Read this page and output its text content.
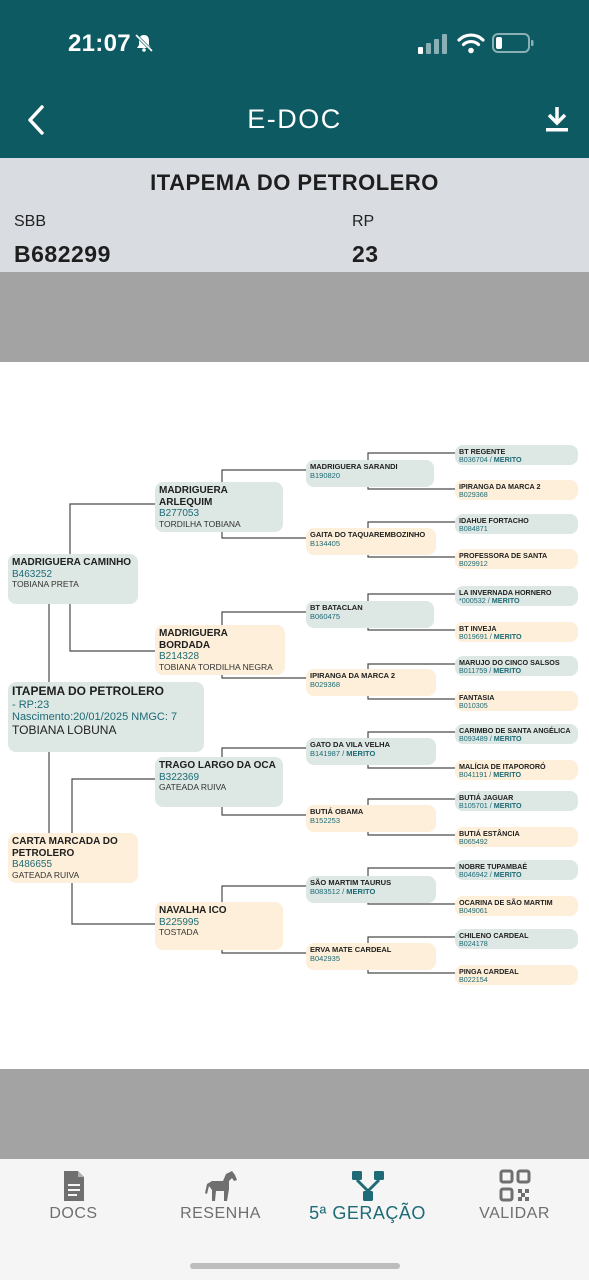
21:07
E-DOC
ITAPEMA DO PETROLERO
SBB	RP
B682299	23
ITAPEMA DO PETROLERO
- RP:23
Nascimento:20/01/2025 NMGC: 7
TOBIANA LOBUNA
MADRIGUERA CAMINHO
B463252
TOBIANA PRETA
CARTA MARCADA DO PETROLERO
B486655
GATEADA RUIVA
MADRIGUERA ARLEQUIM
B277053
TORDILHA TOBIANA
MADRIGUERA BORDADA
B214328
TOBIANA TORDILHA NEGRA
TRAGO LARGO DA OCA
B322369
GATEADA RUIVA
NAVALHA ICO
B225995
TOSTADA
MADRIGUERA SARANDI
B190820
GAITA DO TAQUAREMBOZINHO
B134405
BT BATACLAN
B060475
IPIRANGA DA MARCA 2
B029368
GATO DA VILA VELHA
B141987 / MERITO
BUTIÁ OBAMA
B152253
SÃO MARTIM TAURUS
B083512 / MERITO
ERVA MATE CARDEAL
B042935
BT REGENTE
B036704 / MERITO
IPIRANGA DA MARCA 2
B029368
IDAHUE FORTACHO
B084871
PROFESSORA DE SANTA
B029912
LA INVERNADA HORNERO
*000532 / MERITO
BT INVEJA
B019691 / MERITO
MARUJO DO CINCO SALSOS
B011759 / MERITO
FANTASIA
B010305
CARIMBO DE SANTA ANGÉLICA
B093489 / MERITO
MALÍCIA DE ITAPORORÓ
B041191 / MERITO
BUTIÁ JAGUAR
B105701 / MERITO
BUTIÁ ESTÂNCIA
B065492
NOBRE TUPAMBAÉ
B046942 / MERITO
OCARINA DE SÃO MARTIM
B049061
CHILENO CARDEAL
B024178
PINGA CARDEAL
B022154
DOCS	RESENHA	5ª GERAÇÃO	VALIDAR
